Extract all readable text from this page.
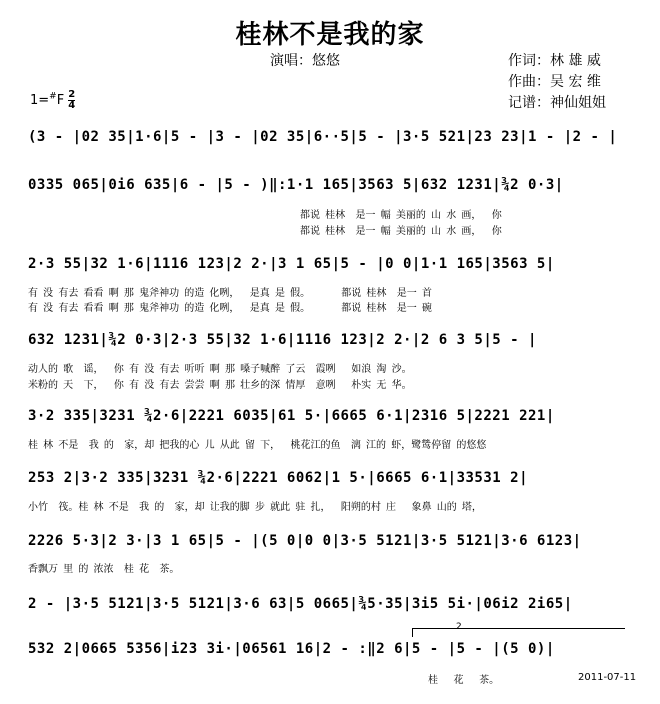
桂林不是我的家
演唱：悠悠	作词：林 雄 威
作曲：吴 宏 维
记谱：神仙姐姐
$1=^{\#}F \frac{2}{4}$
(3 - |02 35|1·6|5 - |3 - |02 35|6··5|5 - |3·5 521|23 23|1 - |2 - |
0335 065|0i6 635|6 - |5 - )‖:1·1 165|3563 5|632 1231|¾2 0·3|
都说 桂林  是一 幅 美丽的 山 水 画，  你
都说 桂林  是一 幅 美丽的 山 水 画，  你
2·3 55|32 1·6|1116 123|2 2·|3 1 65|5 - |0 0|1·1 165|3563 5|
有 没 有去 看看 啊 那 鬼斧神功 的造 化咧，  是真 是 假。      都说 桂林  是一 首
有 没 有去 看看 啊 那 鬼斧神功 的造 化咧，  是真 是 假。      都说 桂林  是一 碗
632 1231|¾2 0·3|2·3 55|32 1·6|1116 123|2 2·|2 6 3 5|5 - |
动人的 歌  谣，  你 有 没 有去 听听 啊 那 嗓子喊醉 了云  霞咧   如浪 淘 沙。
米粉的 天  下，  你 有 没 有去 尝尝 啊 那 壮乡的深 情厚  意咧   朴实 无 华。
3·2 335|3231 ¾2·6|2221 6035|61 5·|6665 6·1|2316 5|2221 221|
桂 林 不是  我 的  家，却 把我的心 儿 从此 留 下，  桃花江的鱼  漓 江的 虾，鹭鸶停留 的悠悠
253 2|3·2 335|3231 ¾2·6|2221 6062|1 5·|6665 6·1|33531 2|
小竹  筏。桂 林 不是  我 的  家，却 让我的脚 步 就此 驻 扎，  阳朔的村 庄   象鼻 山的 塔，
2226 5·3|2 3·|3 1 65|5 - |(5 0|0 0|3·5 5121|3·5 5121|3·6 6123|
香飘万 里 的 浓浓  桂 花  茶。
2 - |3·5 5121|3·5 5121|3·6 63|5 0665|¾5·35|3i5 5i·|06i2 2i65|
2
532 2|0665 5356|i23 3i·|06561 16|2 - :‖2 6|5 - |5 - |(5 0)|
桂   花   茶。	2011-07-11
